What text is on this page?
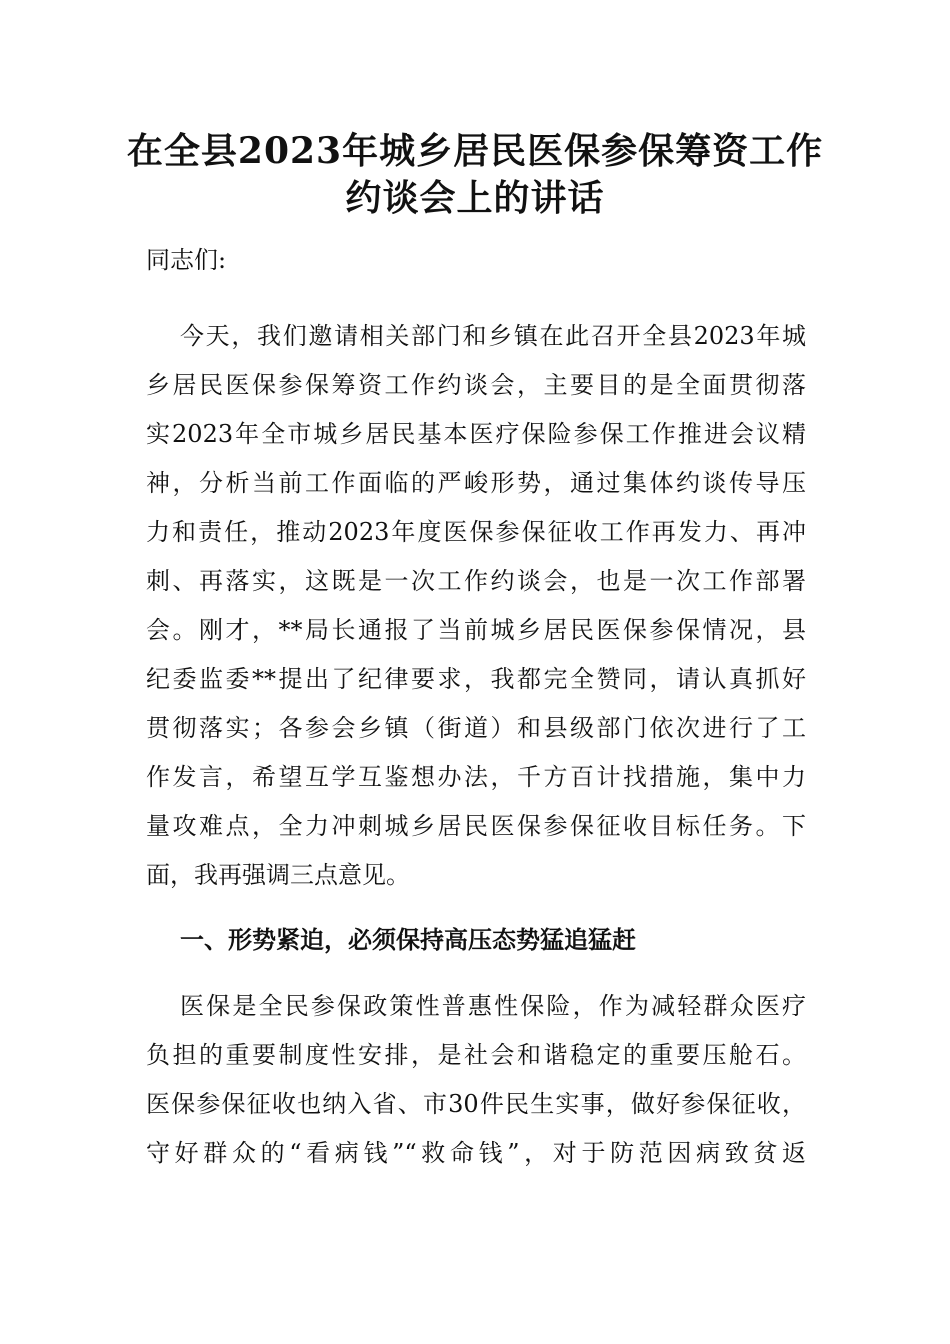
在全县2023年城乡居民医保参保筹资工作
约谈会上的讲话
同志们:
今天，我们邀请相关部门和乡镇在此召开全县2023年城
乡居民医保参保筹资工作约谈会，主要目的是全面贯彻落
实2023年全市城乡居民基本医疗保险参保工作推进会议精
神，分析当前工作面临的严峻形势，通过集体约谈传导压
力和责任，推动2023年度医保参保征收工作再发力、再冲
刺、再落实，这既是一次工作约谈会，也是一次工作部署
会。刚才，**局长通报了当前城乡居民医保参保情况，县
纪委监委**提出了纪律要求，我都完全赞同，请认真抓好
贯彻落实；各参会乡镇（街道）和县级部门依次进行了工
作发言，希望互学互鉴想办法，千方百计找措施，集中力
量攻难点，全力冲刺城乡居民医保参保征收目标任务。下
面，我再强调三点意见。
一、形势紧迫，必须保持高压态势猛追猛赶
医保是全民参保政策性普惠性保险，作为减轻群众医疗
负担的重要制度性安排，是社会和谐稳定的重要压舱石。
医保参保征收也纳入省、市30件民生实事，做好参保征收，
守好群众的“看病钱”“救命钱”，对于防范因病致贫返
